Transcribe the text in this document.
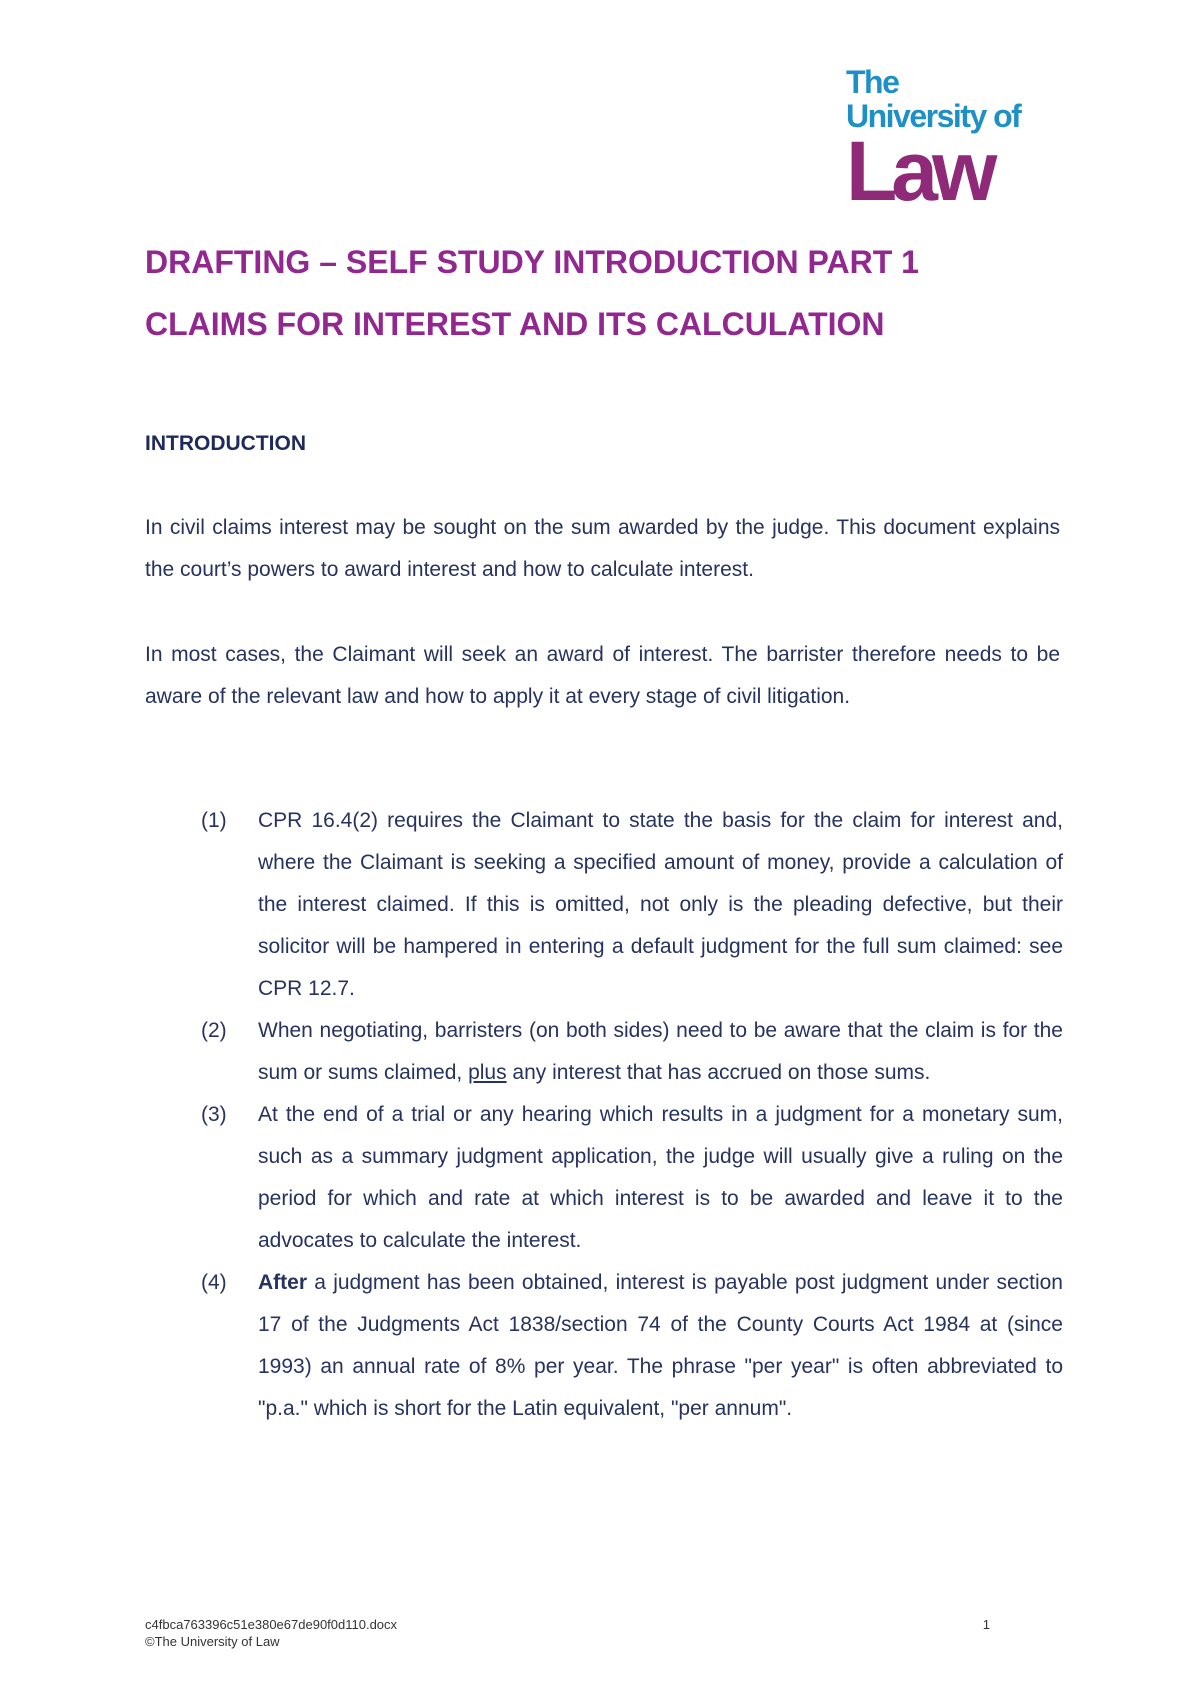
The
University of
Law
DRAFTING – SELF STUDY INTRODUCTION PART 1
CLAIMS FOR INTEREST AND ITS CALCULATION
INTRODUCTION

In civil claims interest may be sought on the sum awarded by the judge. This document explains the court’s powers to award interest and how to calculate interest.

In most cases, the Claimant will seek an award of interest. The barrister therefore needs to be aware of the relevant law and how to apply it at every stage of civil litigation.

(1) CPR 16.4(2) requires the Claimant to state the basis for the claim for interest and, where the Claimant is seeking a specified amount of money, provide a calculation of the interest claimed. If this is omitted, not only is the pleading defective, but their solicitor will be hampered in entering a default judgment for the full sum claimed: see CPR 12.7.
(2) When negotiating, barristers (on both sides) need to be aware that the claim is for the sum or sums claimed, plus any interest that has accrued on those sums.
(3) At the end of a trial or any hearing which results in a judgment for a monetary sum, such as a summary judgment application, the judge will usually give a ruling on the period for which and rate at which interest is to be awarded and leave it to the advocates to calculate the interest.
(4) After a judgment has been obtained, interest is payable post judgment under section 17 of the Judgments Act 1838/section 74 of the County Courts Act 1984 at (since 1993) an annual rate of 8% per year. The phrase "per year" is often abbreviated to "p.a." which is short for the Latin equivalent, "per annum".
c4fbca763396c51e380e67de90f0d110.docx
©The University of Law
1
